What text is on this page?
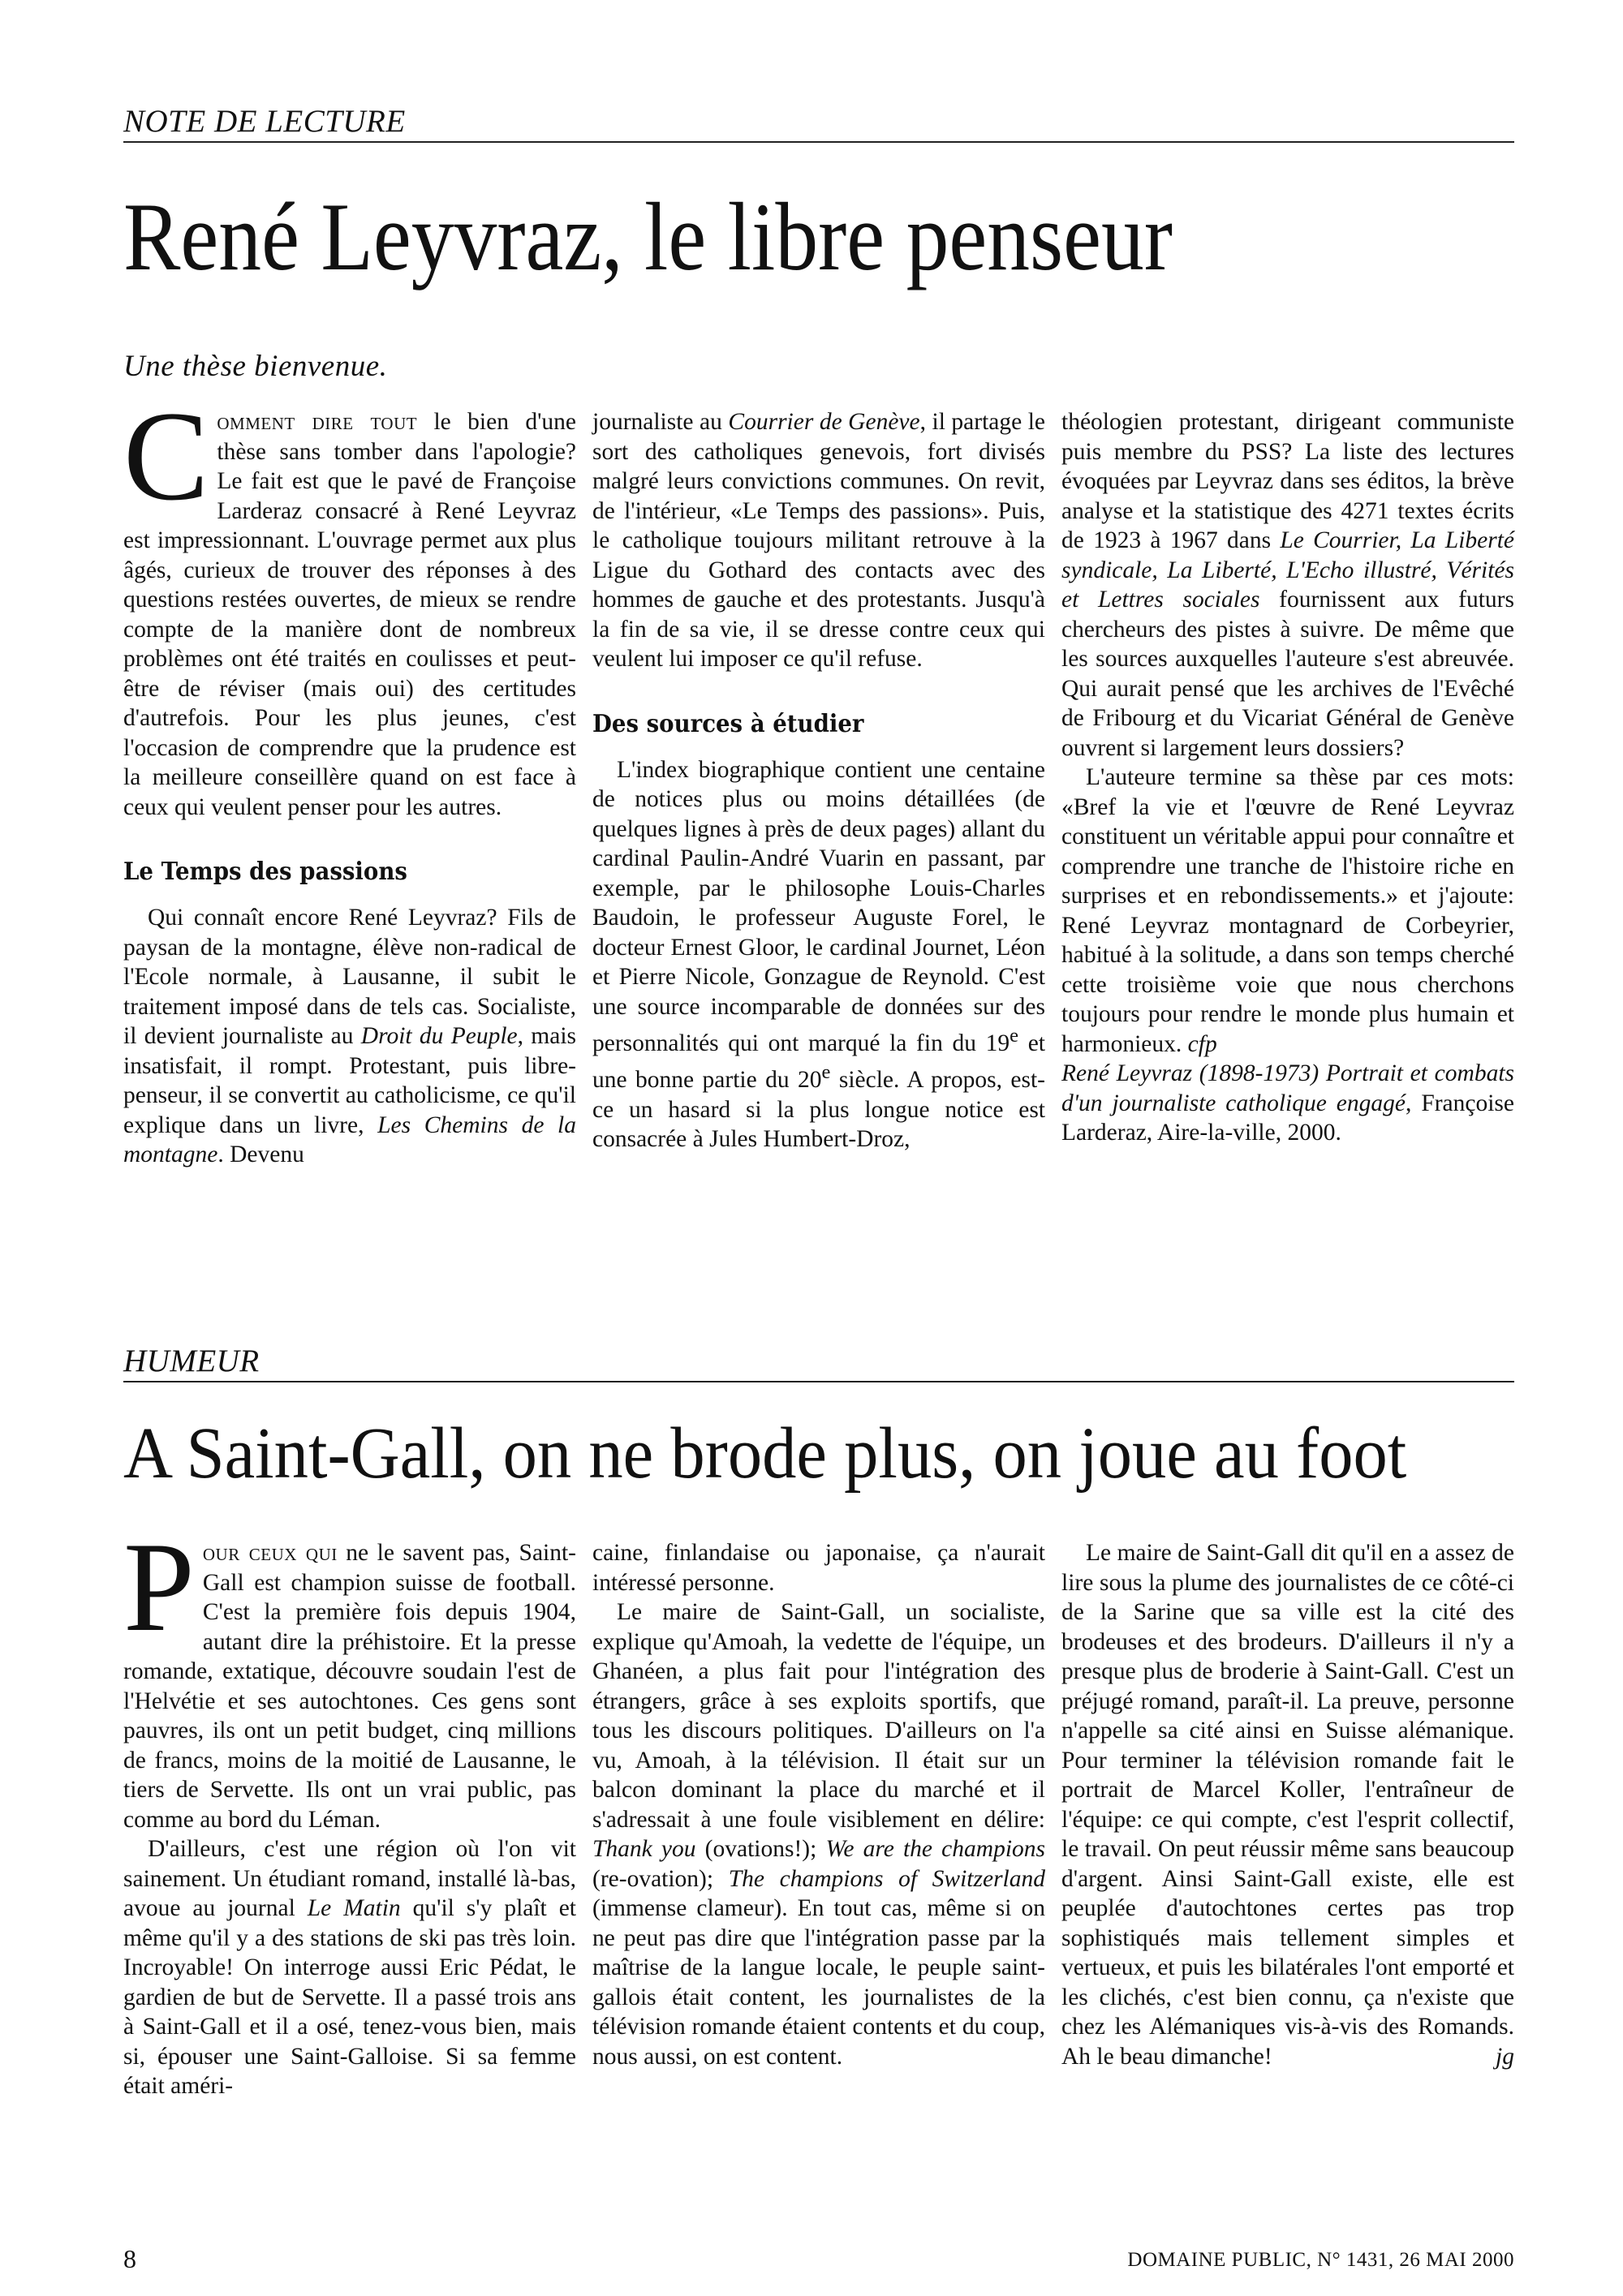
NOTE DE LECTURE
René Leyvraz, le libre penseur
Une thèse bienvenue.

Comment dire tout le bien d'une thèse sans tomber dans l'apologie? Le fait est que le pavé de Françoise Larderaz consacré à René Leyvraz est impressionnant. L'ouvrage permet aux plus âgés, curieux de trouver des réponses à des questions restées ouvertes, de mieux se rendre compte de la manière dont de nombreux problèmes ont été traités en coulisses et peut-être de réviser (mais oui) des certitudes d'autrefois. Pour les plus jeunes, c'est l'occasion de comprendre que la prudence est la meilleure conseillère quand on est face à ceux qui veulent penser pour les autres.

Le Temps des passions

Qui connaît encore René Leyvraz? Fils de paysan de la montagne, élève non-radical de l'Ecole normale, à Lausanne, il subit le traitement imposé dans de tels cas. Socialiste, il devient journaliste au Droit du Peuple, mais insatisfait, il rompt. Protestant, puis libre-penseur, il se convertit au catholicisme, ce qu'il explique dans un livre, Les Chemins de la montagne. Devenu

journaliste au Courrier de Genève, il partage le sort des catholiques genevois, fort divisés malgré leurs convictions communes. On revit, de l'intérieur, «Le Temps des passions». Puis, le catholique toujours militant retrouve à la Ligue du Gothard des contacts avec des hommes de gauche et des protestants. Jusqu'à la fin de sa vie, il se dresse contre ceux qui veulent lui imposer ce qu'il refuse.

Des sources à étudier

L'index biographique contient une centaine de notices plus ou moins détaillées (de quelques lignes à près de deux pages) allant du cardinal Paulin-André Vuarin en passant, par exemple, par le philosophe Louis-Charles Baudoin, le professeur Auguste Forel, le docteur Ernest Gloor, le cardinal Journet, Léon et Pierre Nicole, Gonzague de Reynold. C'est une source incomparable de données sur des personnalités qui ont marqué la fin du 19e et une bonne partie du 20e siècle. A propos, est-ce un hasard si la plus longue notice est consacrée à Jules Humbert-Droz,

théologien protestant, dirigeant communiste puis membre du PSS? La liste des lectures évoquées par Leyvraz dans ses éditos, la brève analyse et la statistique des 4271 textes écrits de 1923 à 1967 dans Le Courrier, La Liberté syndicale, La Liberté, L'Echo illustré, Vérités et Lettres sociales fournissent aux futurs chercheurs des pistes à suivre. De même que les sources auxquelles l'auteure s'est abreuvée. Qui aurait pensé que les archives de l'Evêché de Fribourg et du Vicariat Général de Genève ouvrent si largement leurs dossiers?

L'auteure termine sa thèse par ces mots: «Bref la vie et l'œuvre de René Leyvraz constituent un véritable appui pour connaître et comprendre une tranche de l'histoire riche en surprises et en rebondissements.» et j'ajoute: René Leyvraz montagnard de Corbeyrier, habitué à la solitude, a dans son temps cherché cette troisième voie que nous cherchons toujours pour rendre le monde plus humain et harmonieux. cfp

René Leyvraz (1898-1973) Portrait et combats d'un journaliste catholique engagé, Françoise Larderaz, Aire-la-ville, 2000.

HUMEUR
A Saint-Gall, on ne brode plus, on joue au foot

Pour ceux qui ne le savent pas, Saint-Gall est champion suisse de football. C'est la première fois depuis 1904, autant dire la préhistoire. Et la presse romande, extatique, découvre soudain l'est de l'Helvétie et ses autochtones. Ces gens sont pauvres, ils ont un petit budget, cinq millions de francs, moins de la moitié de Lausanne, le tiers de Servette. Ils ont un vrai public, pas comme au bord du Léman.

D'ailleurs, c'est une région où l'on vit sainement. Un étudiant romand, installé là-bas, avoue au journal Le Matin qu'il s'y plaît et même qu'il y a des stations de ski pas très loin. Incroyable! On interroge aussi Eric Pédat, le gardien de but de Servette. Il a passé trois ans à Saint-Gall et il a osé, tenez-vous bien, mais si, épouser une Saint-Galloise. Si sa femme était améri-

caine, finlandaise ou japonaise, ça n'aurait intéressé personne.

Le maire de Saint-Gall, un socialiste, explique qu'Amoah, la vedette de l'équipe, un Ghanéen, a plus fait pour l'intégration des étrangers, grâce à ses exploits sportifs, que tous les discours politiques. D'ailleurs on l'a vu, Amoah, à la télévision. Il était sur un balcon dominant la place du marché et il s'adressait à une foule visiblement en délire: Thank you (ovations!); We are the champions (re-ovation); The champions of Switzerland (immense clameur). En tout cas, même si on ne peut pas dire que l'intégration passe par la maîtrise de la langue locale, le peuple saint-gallois était content, les journalistes de la télévision romande étaient contents et du coup, nous aussi, on est content.

Le maire de Saint-Gall dit qu'il en a assez de lire sous la plume des journalistes de ce côté-ci de la Sarine que sa ville est la cité des brodeuses et des brodeurs. D'ailleurs il n'y a presque plus de broderie à Saint-Gall. C'est un préjugé romand, paraît-il. La preuve, personne n'appelle sa cité ainsi en Suisse alémanique. Pour terminer la télévision romande fait le portrait de Marcel Koller, l'entraîneur de l'équipe: ce qui compte, c'est l'esprit collectif, le travail. On peut réussir même sans beaucoup d'argent. Ainsi Saint-Gall existe, elle est peuplée d'autochtones certes pas trop sophistiqués mais tellement simples et vertueux, et puis les bilatérales l'ont emporté et les clichés, c'est bien connu, ça n'existe que chez les Alémaniques vis-à-vis des Romands. Ah le beau dimanche!	jg

8	DOMAINE PUBLIC, N° 1431, 26 MAI 2000
